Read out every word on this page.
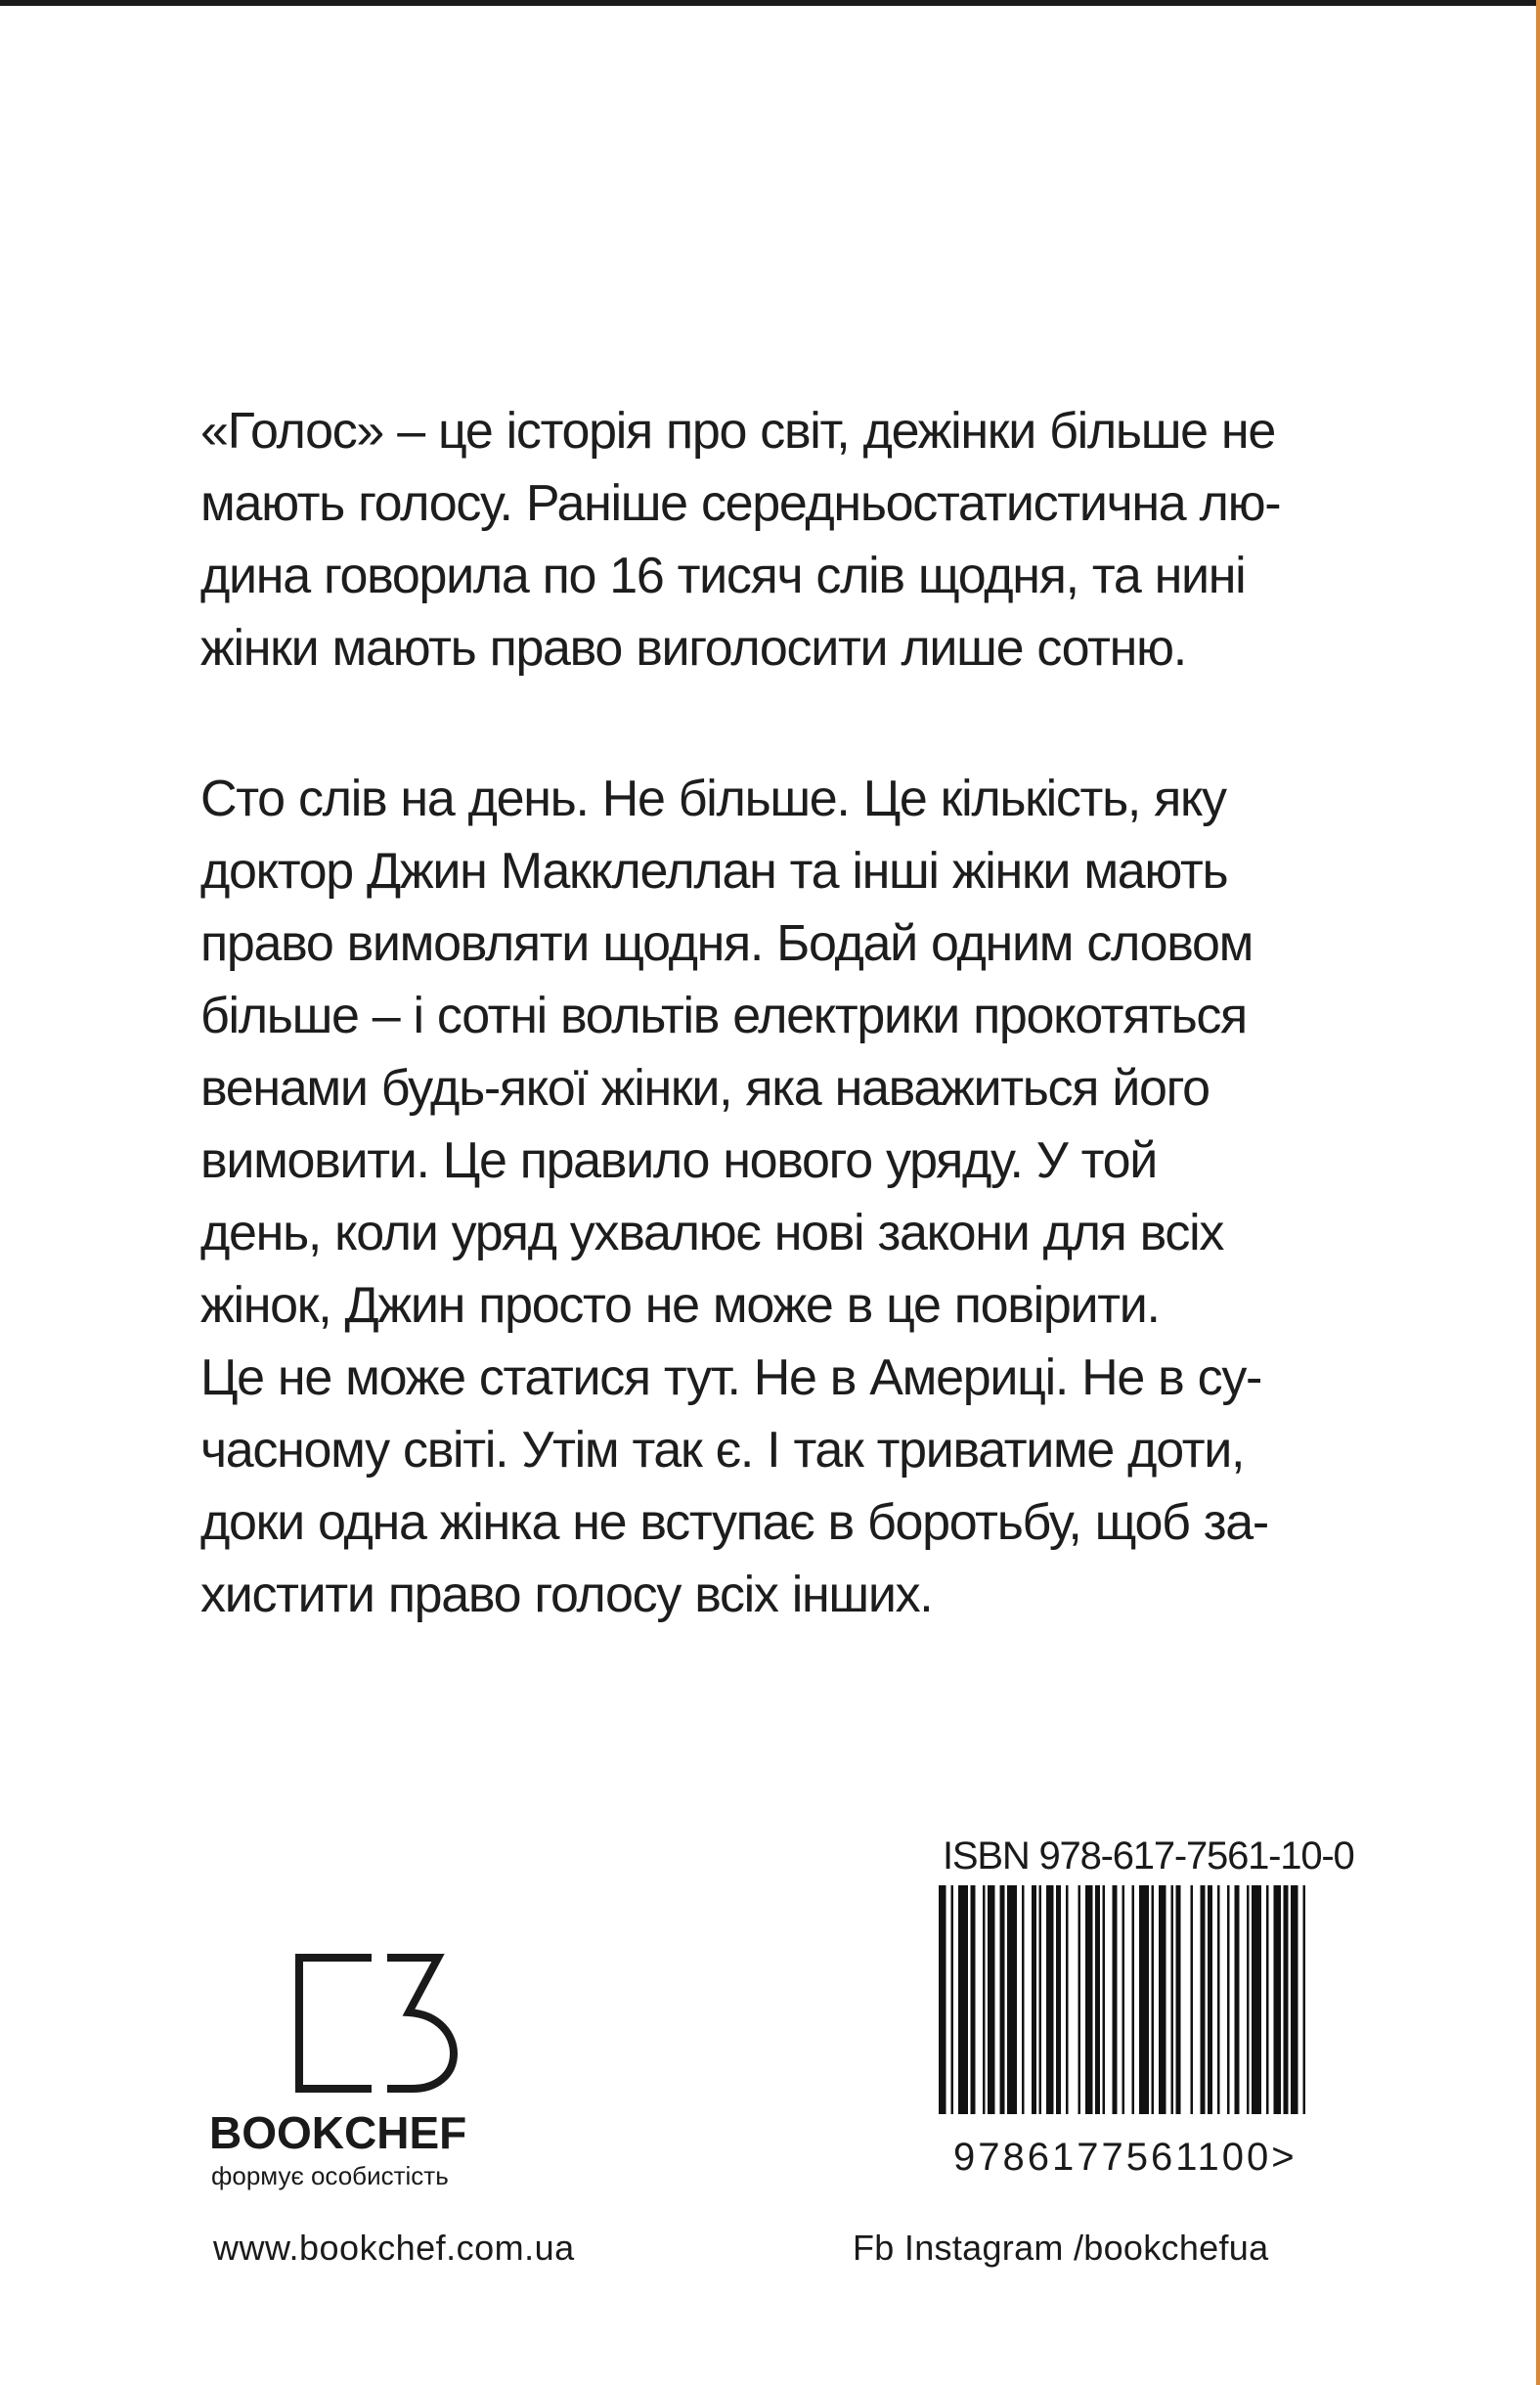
«Голос» – це історія про світ, дежінки більше не
мають голосу. Раніше середньостатистична лю-
дина говорила по 16 тисяч слів щодня, та нині
жінки мають право виголосити лише сотню.
Сто слів на день. Не більше. Це кількість, яку
доктор Джин Макклеллан та інші жінки мають
право вимовляти щодня. Бодай одним словом
більше – і сотні вольтів електрики прокотяться
венами будь-якої жінки, яка наважиться його
вимовити. Це правило нового уряду. У той
день, коли уряд ухвалює нові закони для всіх
жінок, Джин просто не може в це повірити.
Це не може статися тут. Не в Америці. Не в су-
часному світі. Утім так є. І так триватиме доти,
доки одна жінка не вступає в боротьбу, щоб за-
хистити право голосу всіх інших.
ISBN 978-617-7561-10-0
9786177561100>
BOOKCHEF
формує особистість
www.bookchef.com.ua	Fb Instagram /bookchefua
